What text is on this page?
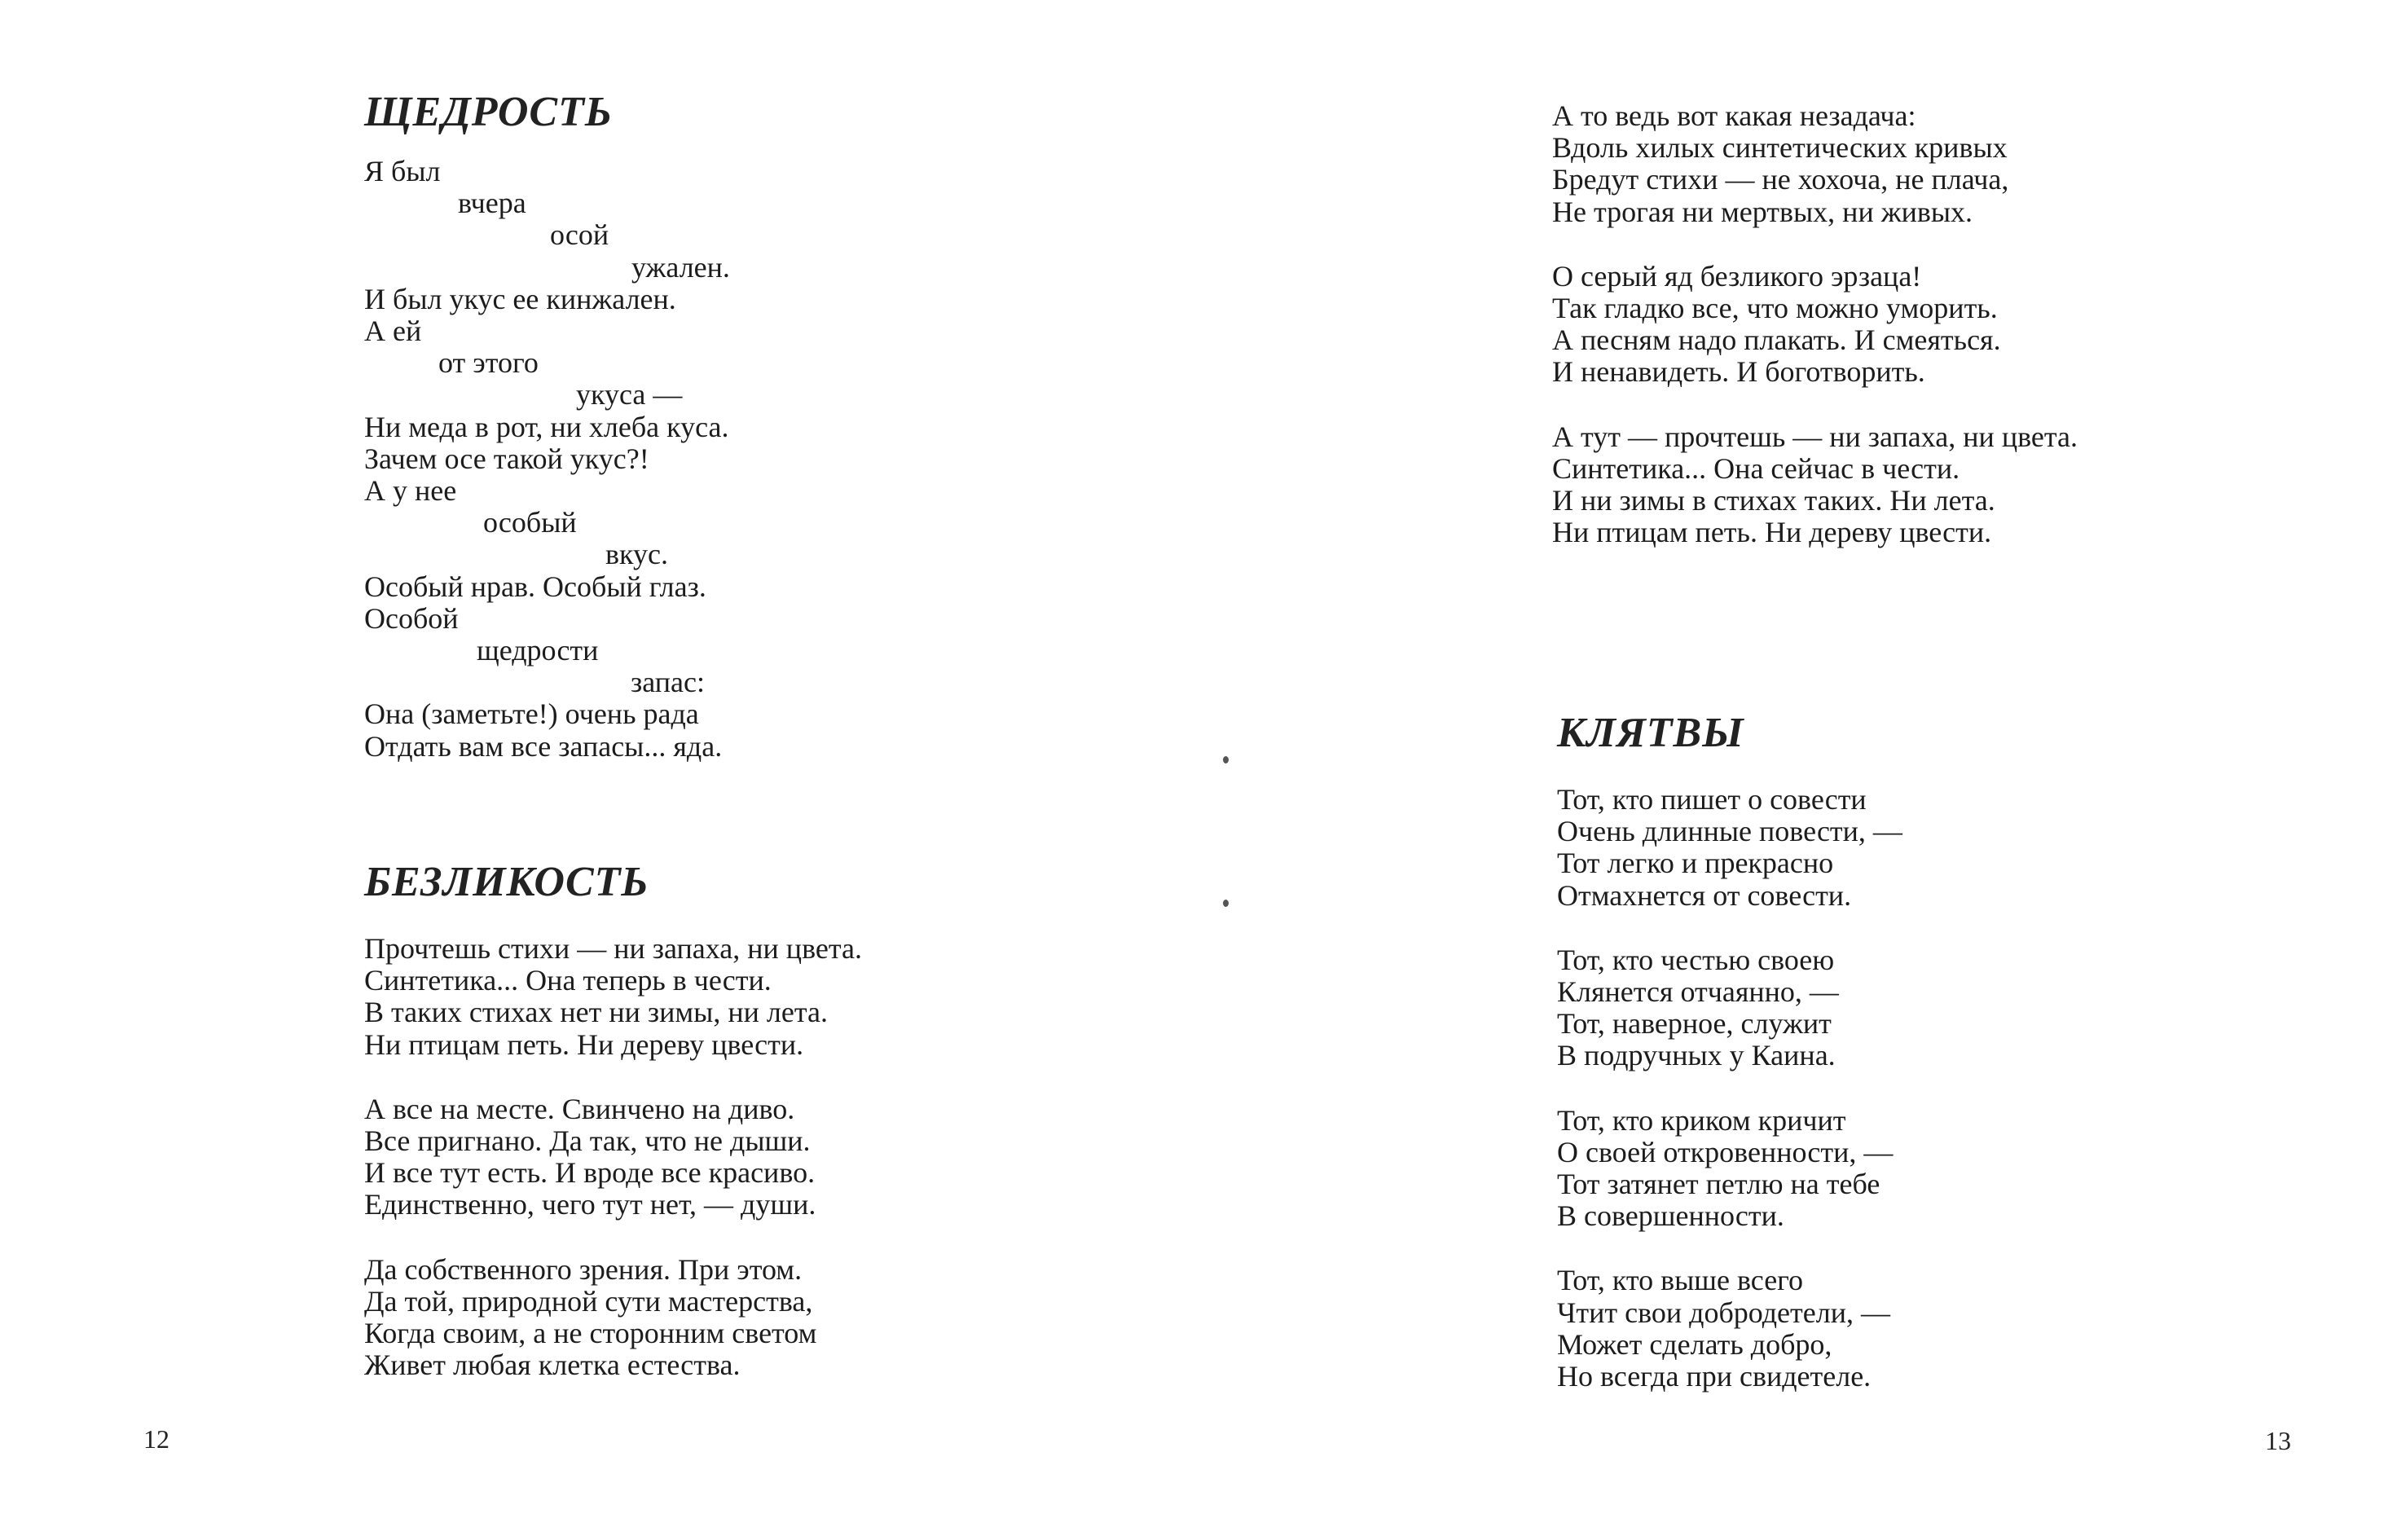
ЩЕДРОСТЬ
Я был
вчера
осой
ужален.
И был укус ее кинжален.
А ей
от этого
укуса —
Ни меда в рот, ни хлеба куса.
Зачем осе такой укус?!
А у нее
особый
вкус.
Особый нрав. Особый глаз.
Особой
щедрости
запас:
Она (заметьте!) очень рада
Отдать вам все запасы... яда.
БЕЗЛИКОСТЬ
Прочтешь стихи — ни запаха, ни цвета.
Синтетика... Она теперь в чести.
В таких стихах нет ни зимы, ни лета.
Ни птицам петь. Ни дереву цвести.
А все на месте. Свинчено на диво.
Все пригнано. Да так, что не дыши.
И все тут есть. И вроде все красиво.
Единственно, чего тут нет, — души.
Да собственного зрения. При этом.
Да той, природной сути мастерства,
Когда своим, а не сторонним светом
Живет любая клетка естества.
12
А то ведь вот какая незадача:
Вдоль хилых синтетических кривых
Бредут стихи — не хохоча, не плача,
Не трогая ни мертвых, ни живых.
О серый яд безликого эрзаца!
Так гладко все, что можно уморить.
А песням надо плакать. И смеяться.
И ненавидеть. И боготворить.
А тут — прочтешь — ни запаха, ни цвета.
Синтетика... Она сейчас в чести.
И ни зимы в стихах таких. Ни лета.
Ни птицам петь. Ни дереву цвести.
КЛЯТВЫ
Тот, кто пишет о совести
Очень длинные повести, —
Тот легко и прекрасно
Отмахнется от совести.
Тот, кто честью своею
Клянется отчаянно, —
Тот, наверное, служит
В подручных у Каина.
Тот, кто криком кричит
О своей откровенности, —
Тот затянет петлю на тебе
В совершенности.
Тот, кто выше всего
Чтит свои добродетели, —
Может сделать добро,
Но всегда при свидетеле.
13
